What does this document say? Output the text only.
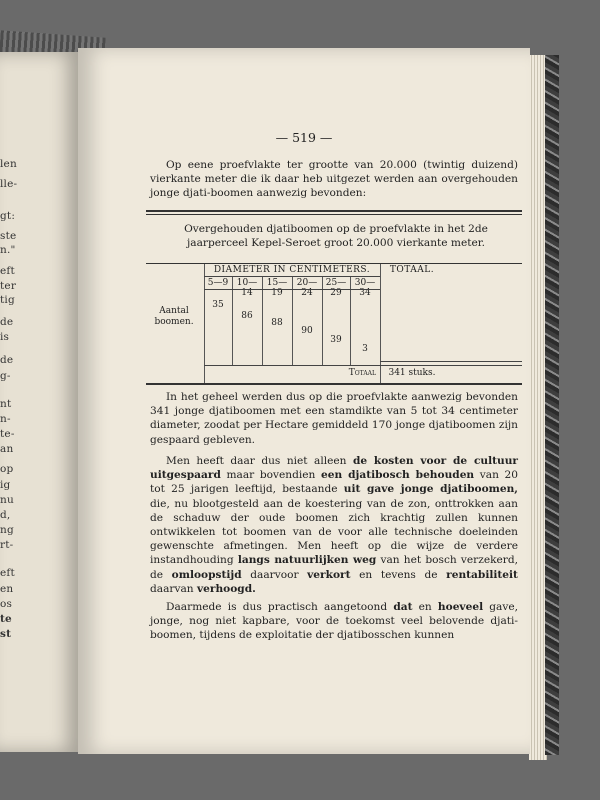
len
lle-
gt:
ste
n."
eft
ter
tig
de
is
de
g-
nt
n-
te-
an
op
ig
nu
d,
ng
rt-
eft
en
os
te
st
— 519 —

Op eene proefvlakte ter grootte van 20.000 (twintig duizend) vierkante meter die ik daar heb uitgezet werden aan overgehouden jonge djati-boomen aanwezig bevonden:

Overgehouden djatiboomen op de proefvlakte in het 2de
jaarperceel Kepel-Seroet groot 20.000 vierkante meter.
DIAMETER IN CENTIMETERS.	TOTAAL.
5—9 10—14
15—19
20—24
25—29
30—34
Aantal
boomen.
35
86
88
90
39
3
Totaal	341 stuks.

In het geheel werden dus op die proefvlakte aanwezig bevonden 341 jonge djatiboomen met een stamdikte van 5 tot 34 centimeter diameter, zoodat per Hectare gemiddeld 170 jonge djatiboomen zijn gespaard gebleven.

Men heeft daar dus niet alleen de kosten voor de cultuur uitgespaard maar bovendien een djatibosch behouden van 20 tot 25 jarigen leeftijd, bestaande uit gave jonge djatiboomen, die, nu blootgesteld aan de koestering van de zon, onttrokken aan de schaduw der oude boomen zich krachtig zullen kunnen ontwikkelen tot boomen van de voor alle technische doeleinden gewenschte afmetingen. Men heeft op die wijze de verdere instandhouding langs natuurlijken weg van het bosch verzekerd, de omloopstijd daarvoor verkort en tevens de rentabiliteit daarvan verhoogd.

Daarmede is dus practisch aangetoond dat en hoeveel gave, jonge, nog niet kapbare, voor de toekomst veel belovende djati-boomen, tijdens de exploitatie der djatibosschen kunnen
